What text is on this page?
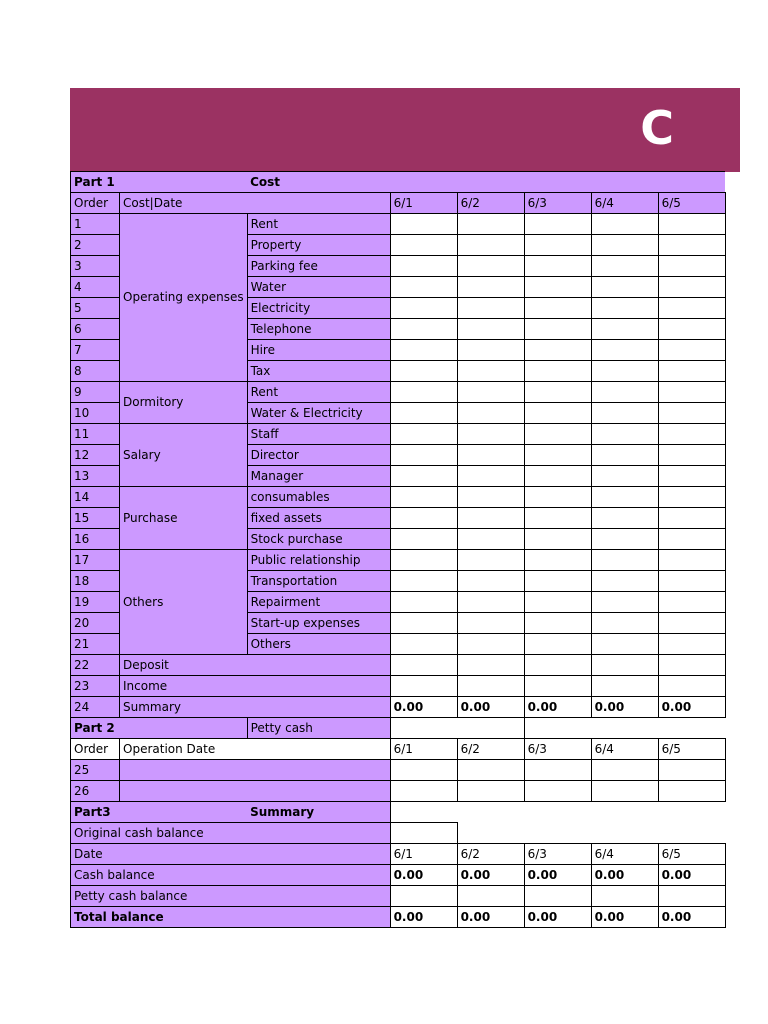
C
Part 1		Cost					
Order	Cost|Date		6/1	6/2	6/3	6/4	6/5
1	Operating expenses	Rent					
2		Property					
3		Parking fee					
4		Water					
5		Electricity					
6		Telephone					
7		Hire					
8		Tax					
9	Dormitory	Rent					
10		Water & Electricity					
11	Salary	Staff					
12		Director					
13		Manager					
14	Purchase	consumables					
15		fixed assets					
16		Stock purchase					
17	Others	Public relationship					
18		Transportation					
19		Repairment					
20		Start-up expenses					
21		Others					
22	Deposit						
23	Income						
24	Summary		0.00	0.00	0.00	0.00	0.00
Part 2		Petty cash					
Order	Operation Date		6/1	6/2	6/3	6/4	6/5
25							
26							
Part3		Summary					
Original cash balance							
Date			6/1	6/2	6/3	6/4	6/5
Cash balance			0.00	0.00	0.00	0.00	0.00
Petty cash balance							
Total balance			0.00	0.00	0.00	0.00	0.00
